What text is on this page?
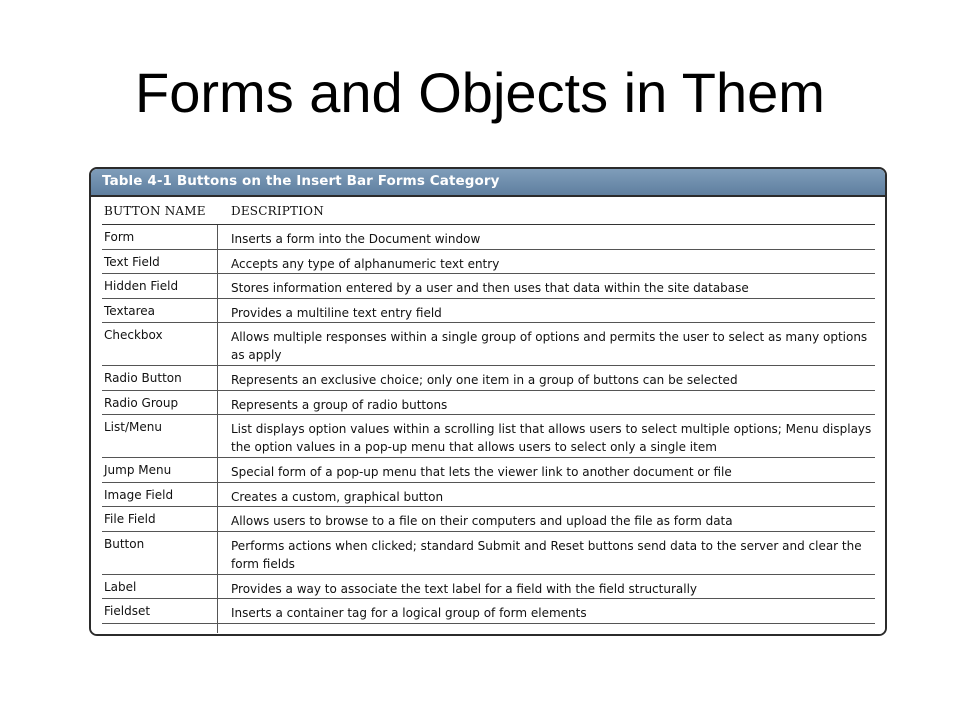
Forms and Objects in Them
Table 4-1 Buttons on the Insert Bar Forms Category
BUTTON NAME DESCRIPTION
Form	Inserts a form into the Document window
Text Field	Accepts any type of alphanumeric text entry
Hidden Field	Stores information entered by a user and then uses that data within the site database
Textarea	Provides a multiline text entry field
Checkbox	Allows multiple responses within a single group of options and permits the user to select as many options as apply
Radio Button	Represents an exclusive choice; only one item in a group of buttons can be selected
Radio Group	Represents a group of radio buttons
List/Menu	List displays option values within a scrolling list that allows users to select multiple options; Menu displays the option values in a pop-up menu that allows users to select only a single item
Jump Menu	Special form of a pop-up menu that lets the viewer link to another document or file
Image Field	Creates a custom, graphical button
File Field	Allows users to browse to a file on their computers and upload the file as form data
Button	Performs actions when clicked; standard Submit and Reset buttons send data to the server and clear the form fields
Label	Provides a way to associate the text label for a field with the field structurally
Fieldset	Inserts a container tag for a logical group of form elements
